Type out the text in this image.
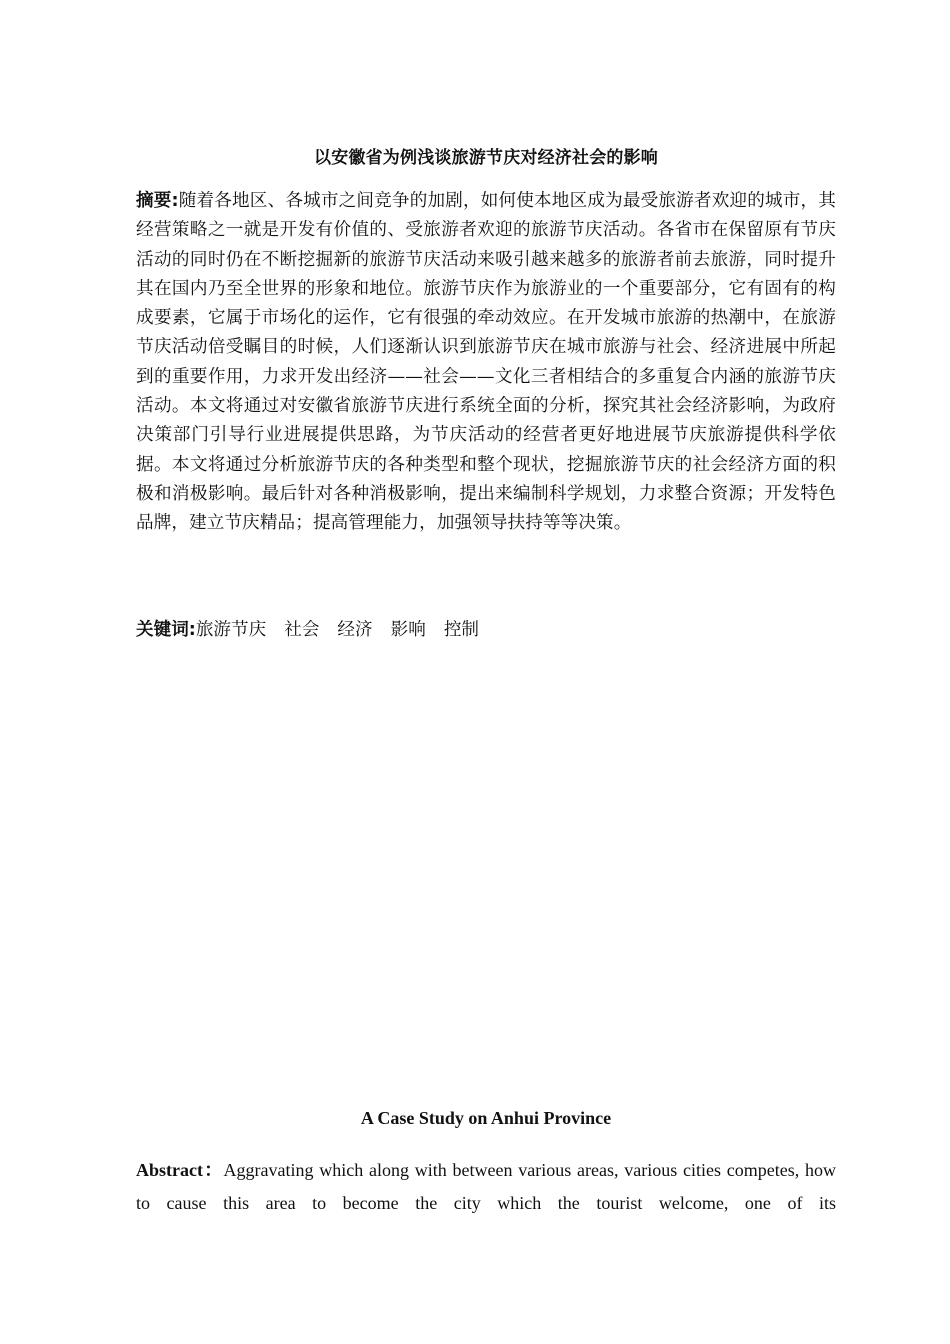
以安徽省为例浅谈旅游节庆对经济社会的影响
摘要:随着各地区、各城市之间竞争的加剧，如何使本地区成为最受旅游者欢迎的城市，其经营策略之一就是开发有价值的、受旅游者欢迎的旅游节庆活动。各省市在保留原有节庆活动的同时仍在不断挖掘新的旅游节庆活动来吸引越来越多的旅游者前去旅游，同时提升其在国内乃至全世界的形象和地位。旅游节庆作为旅游业的一个重要部分，它有固有的构成要素，它属于市场化的运作，它有很强的牵动效应。在开发城市旅游的热潮中，在旅游节庆活动倍受瞩目的时候，人们逐渐认识到旅游节庆在城市旅游与社会、经济进展中所起到的重要作用，力求开发出经济——社会——文化三者相结合的多重复合内涵的旅游节庆活动。本文将通过对安徽省旅游节庆进行系统全面的分析，探究其社会经济影响，为政府决策部门引导行业进展提供思路，为节庆活动的经营者更好地进展节庆旅游提供科学依据。本文将通过分析旅游节庆的各种类型和整个现状，挖掘旅游节庆的社会经济方面的积极和消极影响。最后针对各种消极影响，提出来编制科学规划，力求整合资源；开发特色品牌，建立节庆精品；提高管理能力，加强领导扶持等等决策。
关键词:旅游节庆 社会 经济 影响 控制
A Case Study on Anhui Province
Abstract：Aggravating which along with between various areas, various cities competes, how to cause this area to become the city which the tourist welcome, one of its
